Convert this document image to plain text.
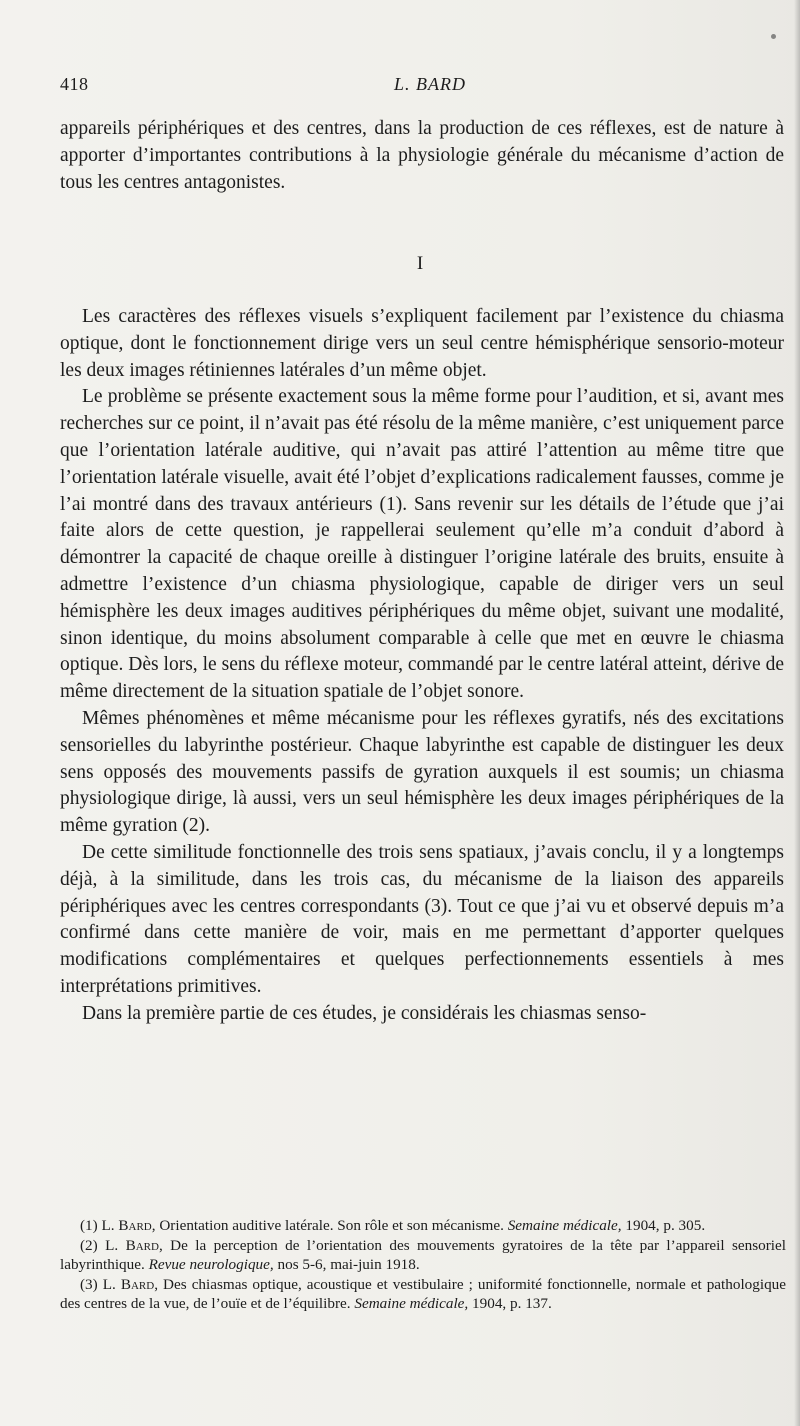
418	L. BARD

appareils périphériques et des centres, dans la production de ces réflexes, est de nature à apporter d’importantes contributions à la physiologie générale du mécanisme d’action de tous les centres antagonistes.

I

Les caractères des réflexes visuels s’expliquent facilement par l’existence du chiasma optique, dont le fonctionnement dirige vers un seul centre hémisphérique sensorio-moteur les deux images rétiniennes latérales d’un même objet.

Le problème se présente exactement sous la même forme pour l’audition, et si, avant mes recherches sur ce point, il n’avait pas été résolu de la même manière, c’est uniquement parce que l’orientation latérale auditive, qui n’avait pas attiré l’attention au même titre que l’orientation latérale visuelle, avait été l’objet d’explications radicalement fausses, comme je l’ai montré dans des travaux antérieurs (1). Sans revenir sur les détails de l’étude que j’ai faite alors de cette question, je rappellerai seulement qu’elle m’a conduit d’abord à démontrer la capacité de chaque oreille à distinguer l’origine latérale des bruits, ensuite à admettre l’existence d’un chiasma physiologique, capable de diriger vers un seul hémisphère les deux images auditives périphériques du même objet, suivant une modalité, sinon identique, du moins absolument comparable à celle que met en œuvre le chiasma optique. Dès lors, le sens du réflexe moteur, commandé par le centre latéral atteint, dérive de même directement de la situation spatiale de l’objet sonore.

Mêmes phénomènes et même mécanisme pour les réflexes gyratifs, nés des excitations sensorielles du labyrinthe postérieur. Chaque labyrinthe est capable de distinguer les deux sens opposés des mouvements passifs de gyration auxquels il est soumis; un chiasma physiologique dirige, là aussi, vers un seul hémisphère les deux images périphériques de la même gyration (2).

De cette similitude fonctionnelle des trois sens spatiaux, j’avais conclu, il y a longtemps déjà, à la similitude, dans les trois cas, du mécanisme de la liaison des appareils périphériques avec les centres correspondants (3). Tout ce que j’ai vu et observé depuis m’a confirmé dans cette manière de voir, mais en me permettant d’apporter quelques modifications complémentaires et quelques perfectionnements essentiels à mes interprétations primitives.

Dans la première partie de ces études, je considérais les chiasmas senso-

(1) L. Bard, Orientation auditive latérale. Son rôle et son mécanisme. Semaine médicale, 1904, p. 305.

(2) L. Bard, De la perception de l’orientation des mouvements gyratoires de la tête par l’appareil sensoriel labyrinthique. Revue neurologique, nos 5-6, mai-juin 1918.

(3) L. Bard, Des chiasmas optique, acoustique et vestibulaire ; uniformité fonctionnelle, normale et pathologique des centres de la vue, de l’ouïe et de l’équilibre. Semaine médicale, 1904, p. 137.
